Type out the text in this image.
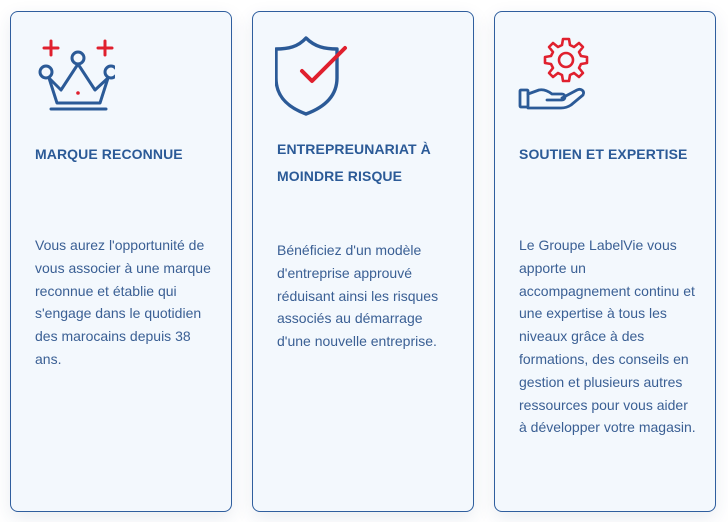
MARQUE RECONNUE
Vous aurez l'opportunité de vous associer à une marque reconnue et établie qui s'engage dans le quotidien des marocains depuis 38 ans.
ENTREPREUNARIAT À MOINDRE RISQUE
Bénéficiez d'un modèle d'entreprise approuvé réduisant ainsi les risques associés au démarrage d'une nouvelle entreprise.
SOUTIEN ET EXPERTISE
Le Groupe LabelVie vous apporte un accompagnement continu et une expertise à tous les niveaux grâce à des formations, des conseils en gestion et plusieurs autres ressources pour vous aider à développer votre magasin.
